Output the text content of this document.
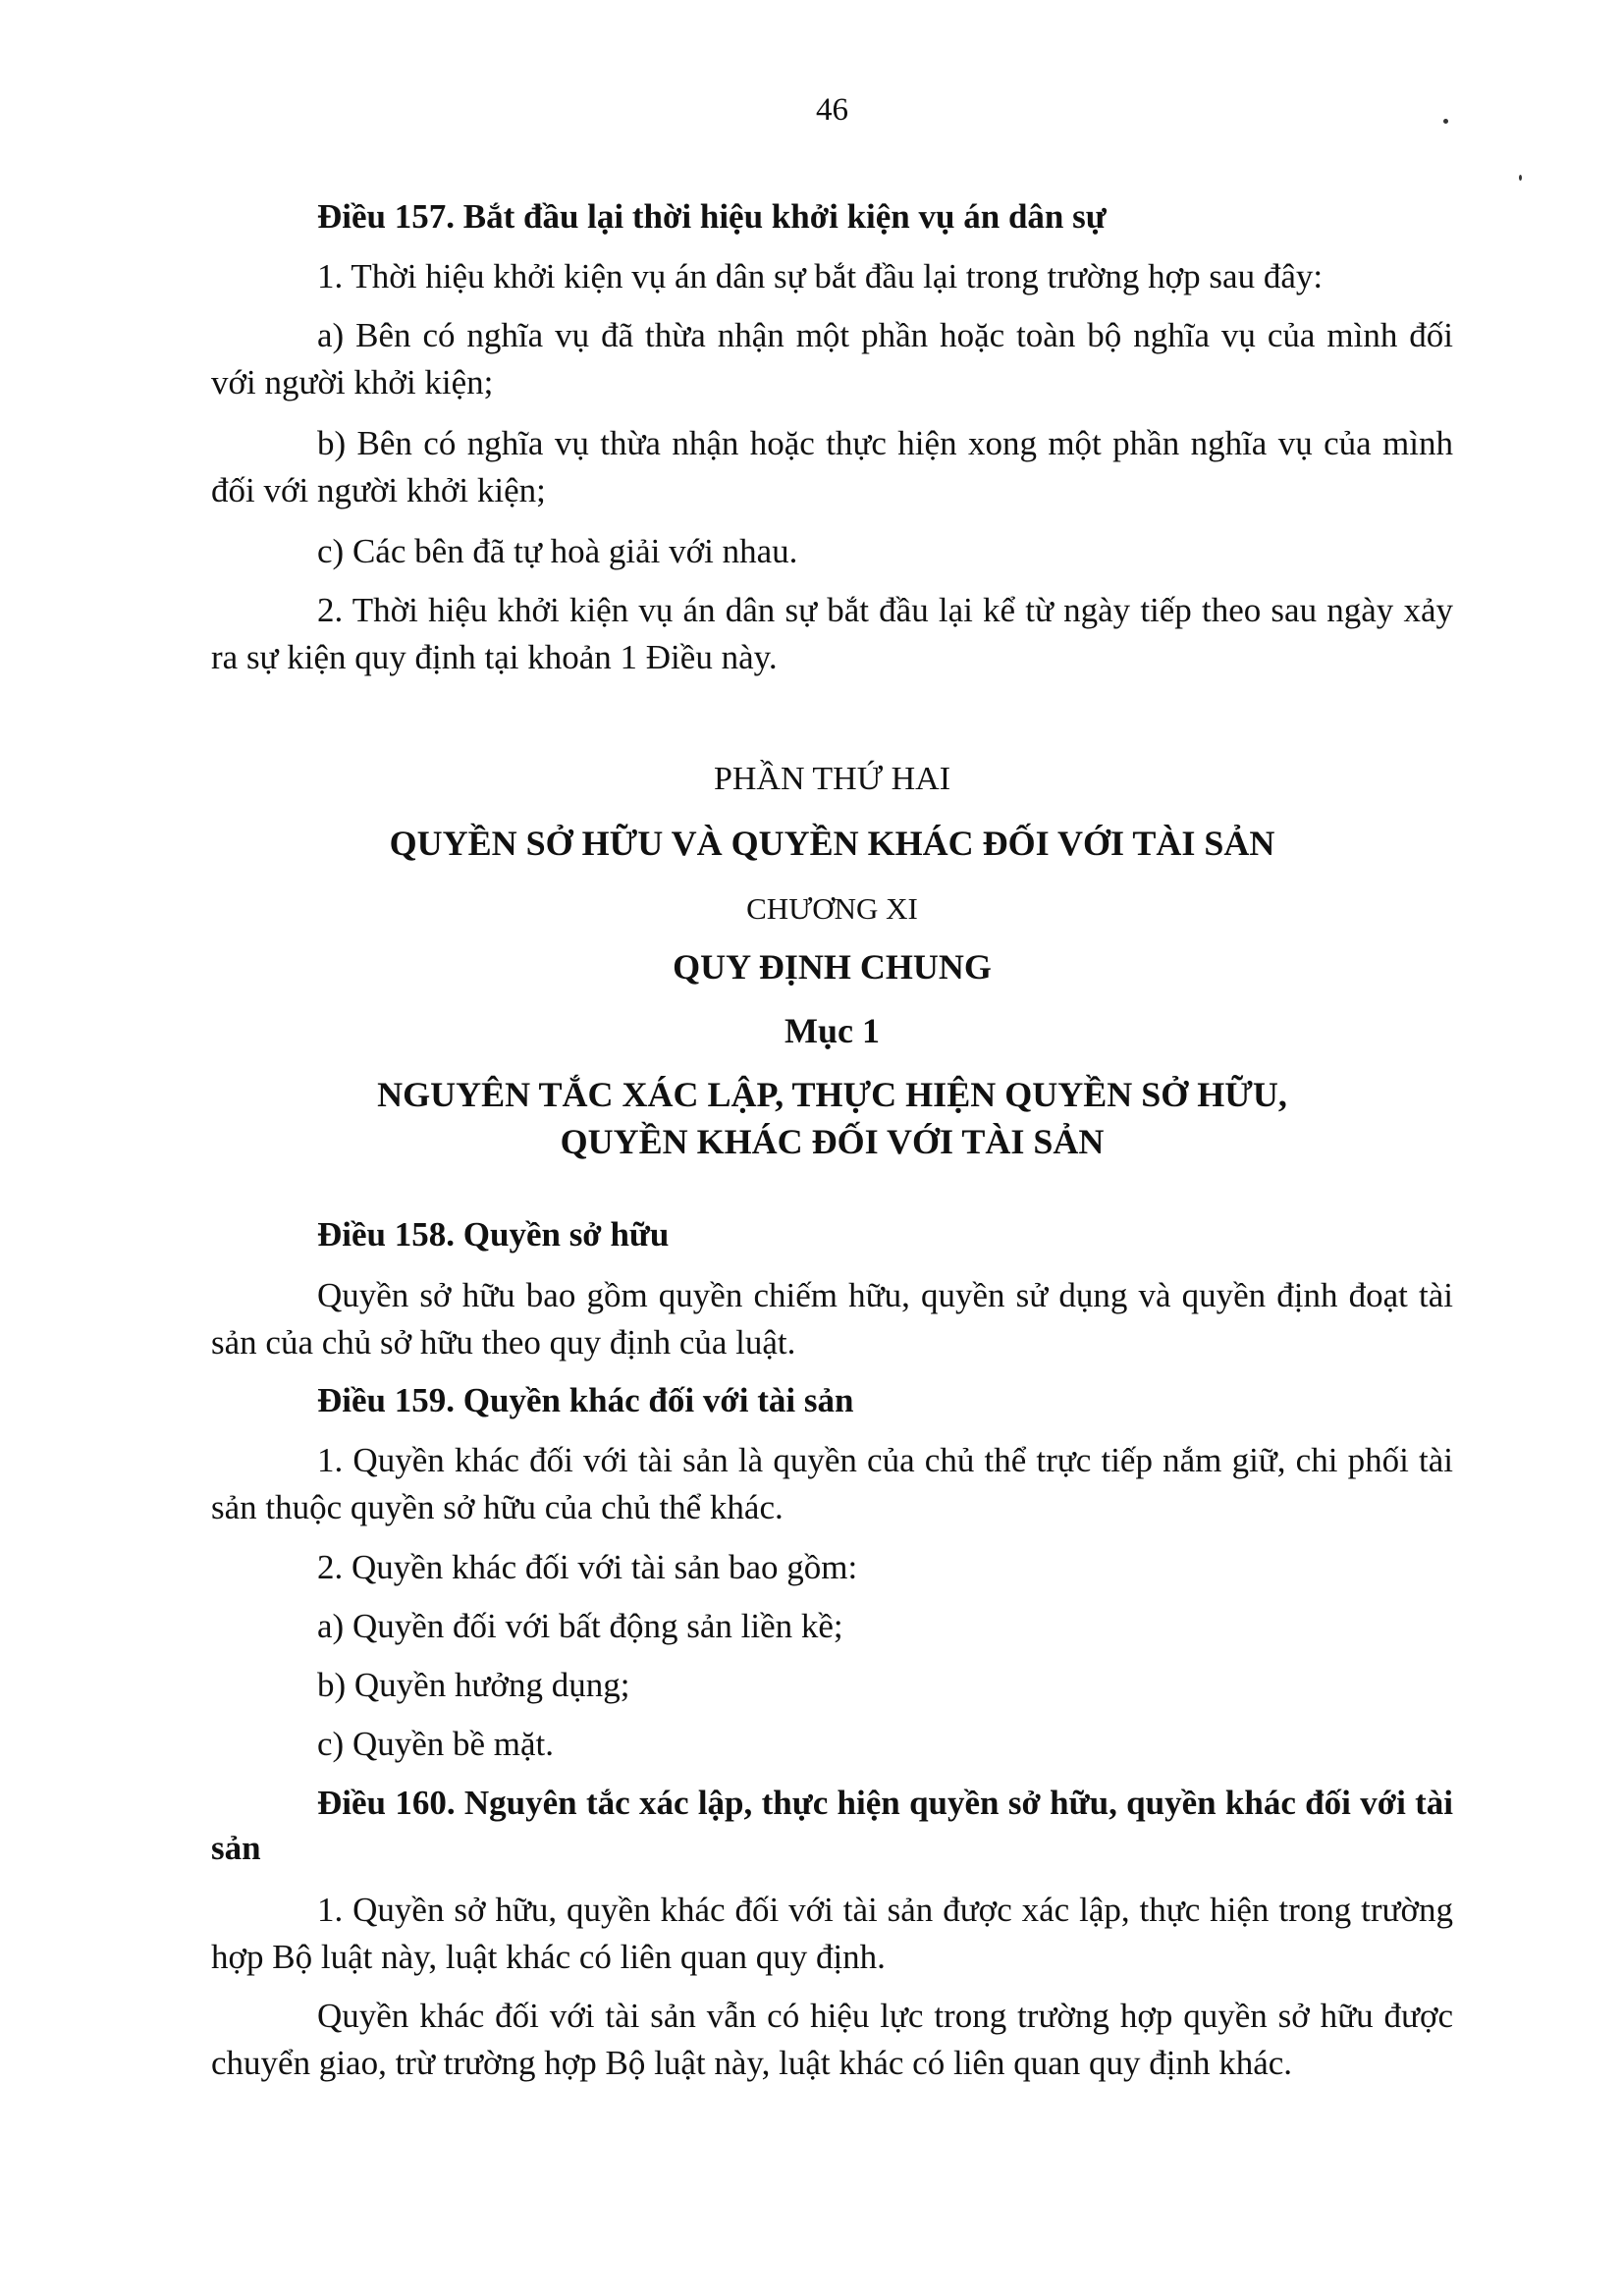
46
Điều 157. Bắt đầu lại thời hiệu khởi kiện vụ án dân sự
1. Thời hiệu khởi kiện vụ án dân sự bắt đầu lại trong trường hợp sau đây:
a) Bên có nghĩa vụ đã thừa nhận một phần hoặc toàn bộ nghĩa vụ của mình đối với người khởi kiện;
b) Bên có nghĩa vụ thừa nhận hoặc thực hiện xong một phần nghĩa vụ của mình đối với người khởi kiện;
c) Các bên đã tự hoà giải với nhau.
2. Thời hiệu khởi kiện vụ án dân sự bắt đầu lại kể từ ngày tiếp theo sau ngày xảy ra sự kiện quy định tại khoản 1 Điều này.
PHẦN THỨ HAI
QUYỀN SỞ HỮU VÀ QUYỀN KHÁC ĐỐI VỚI TÀI SẢN
CHƯƠNG XI
QUY ĐỊNH CHUNG
Mục 1
NGUYÊN TẮC XÁC LẬP, THỰC HIỆN QUYỀN SỞ HỮU,
QUYỀN KHÁC ĐỐI VỚI TÀI SẢN
Điều 158. Quyền sở hữu
Quyền sở hữu bao gồm quyền chiếm hữu, quyền sử dụng và quyền định đoạt tài sản của chủ sở hữu theo quy định của luật.
Điều 159. Quyền khác đối với tài sản
1. Quyền khác đối với tài sản là quyền của chủ thể trực tiếp nắm giữ, chi phối tài sản thuộc quyền sở hữu của chủ thể khác.
2. Quyền khác đối với tài sản bao gồm:
a) Quyền đối với bất động sản liền kề;
b) Quyền hưởng dụng;
c) Quyền bề mặt.
Điều 160. Nguyên tắc xác lập, thực hiện quyền sở hữu, quyền khác đối với tài sản
1. Quyền sở hữu, quyền khác đối với tài sản được xác lập, thực hiện trong trường hợp Bộ luật này, luật khác có liên quan quy định.
Quyền khác đối với tài sản vẫn có hiệu lực trong trường hợp quyền sở hữu được chuyển giao, trừ trường hợp Bộ luật này, luật khác có liên quan quy định khác.
